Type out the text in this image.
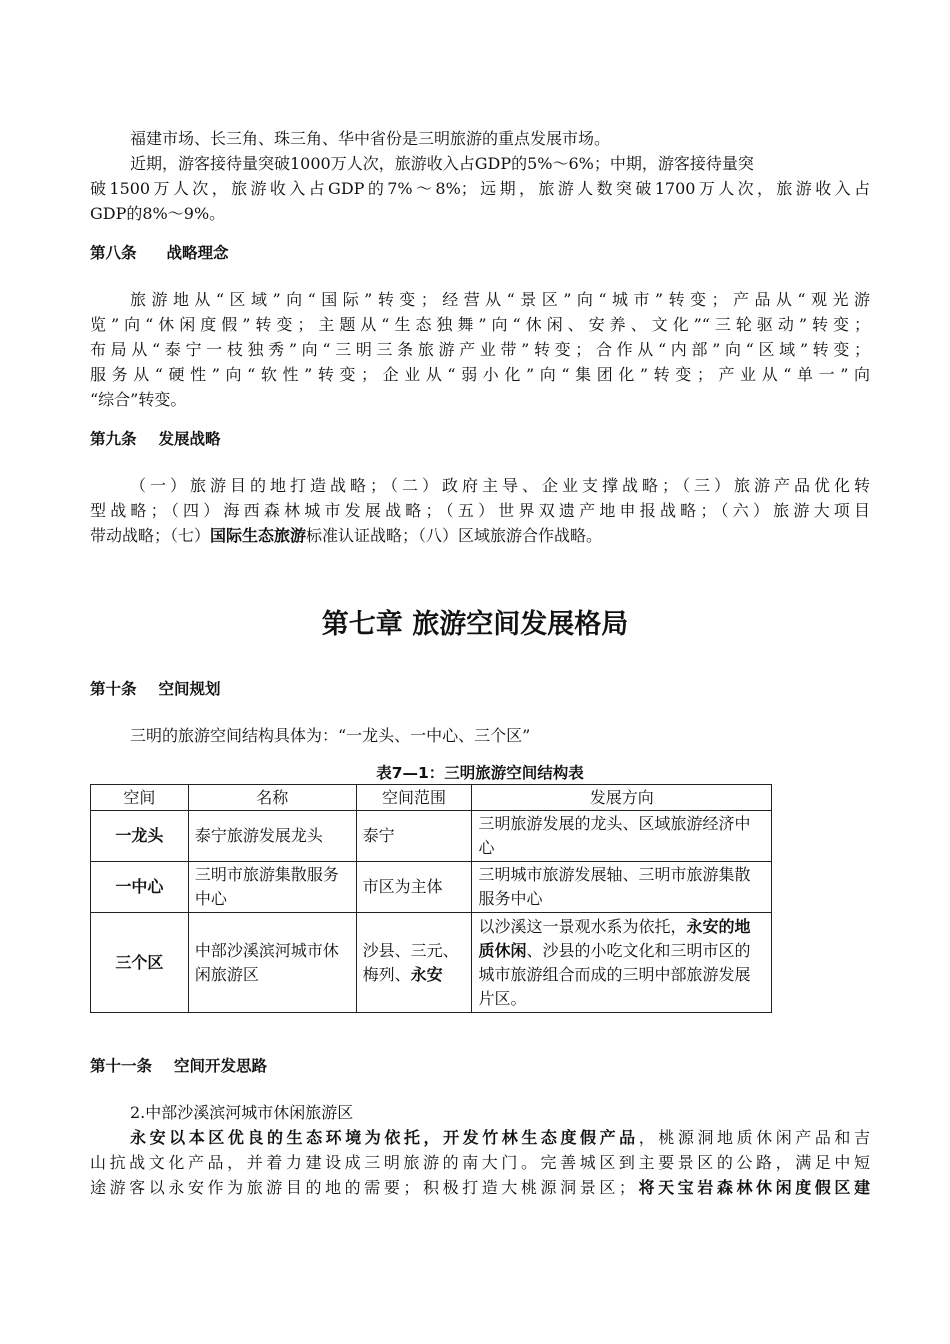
福建市场、长三角、珠三角、华中省份是三明旅游的重点发展市场。
近期，游客接待量突破1000万人次，旅游收入占GDP的5%～6%；中期，游客接待量突
破1500万人次，旅游收入占GDP的7%～8%；远期，旅游人数突破1700万人次，旅游收入占
GDP的8%～9%。
第八条 战略理念
旅游地从“区域”向“国际”转变；经营从“景区”向“城市”转变；产品从“观光游
览”向“休闲度假”转变；主题从“生态独舞”向“休闲、安养、文化”“三轮驱动”转变；
布局从“泰宁一枝独秀”向“三明三条旅游产业带”转变；合作从“内部”向“区域”转变；
服务从“硬性”向“软性”转变；企业从“弱小化”向“集团化”转变；产业从“单一”向
“综合”转变。
第九条 发展战略
（一）旅游目的地打造战略；（二）政府主导、企业支撑战略；（三）旅游产品优化转
型战略；（四）海西森林城市发展战略；（五）世界双遗产地申报战略；（六）旅游大项目
带动战略；（七）国际生态旅游标准认证战略；（八）区域旅游合作战略。
第七章 旅游空间发展格局
第十条 空间规划
三明的旅游空间结构具体为：“一龙头、一中心、三个区”
表7—1：三明旅游空间结构表
空间	名称	空间范围	发展方向
一龙头	泰宁旅游发展龙头	泰宁	三明旅游发展的龙头、区域旅游经济中心
一中心	三明市旅游集散服务中心	市区为主体	三明城市旅游发展轴、三明市旅游集散服务中心
三个区	中部沙溪滨河城市休闲旅游区	沙县、三元、梅列、永安	以沙溪这一景观水系为依托，永安的地质休闲、沙县的小吃文化和三明市区的城市旅游组合而成的三明中部旅游发展片区。
第十一条 空间开发思路
2.中部沙溪滨河城市休闲旅游区
永安以本区优良的生态环境为依托，开发竹林生态度假产品，桃源洞地质休闲产品和吉
山抗战文化产品，并着力建设成三明旅游的南大门。完善城区到主要景区的公路，满足中短
途游客以永安作为旅游目的地的需要；积极打造大桃源洞景区；将天宝岩森林休闲度假区建
